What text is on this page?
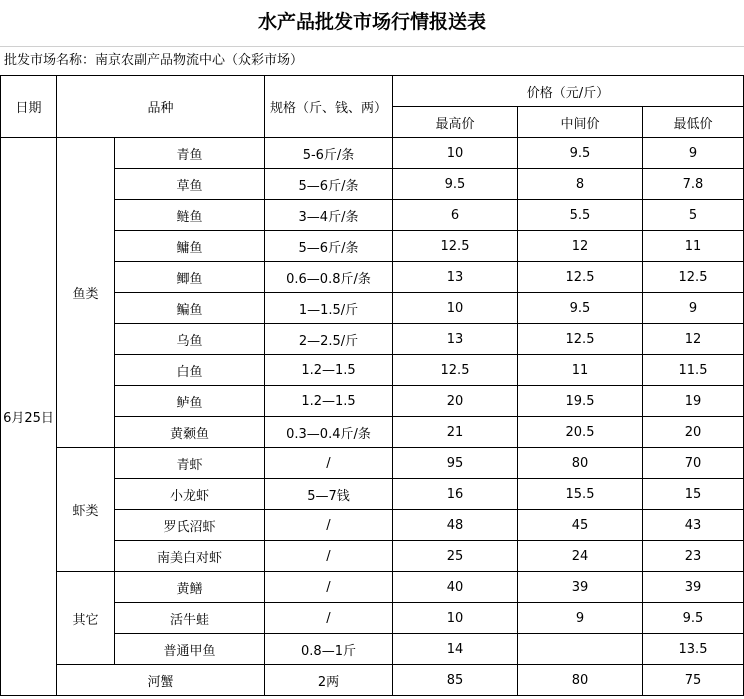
水产品批发市场行情报送表
批发市场名称：南京农副产品物流中心（众彩市场）
日期	品种		规格（斤、钱、两）	价格（元/斤）		
				最高价	中间价	最低价
6月25日	鱼类	青鱼	5-6斤/条	10	9.5	9
		草鱼	5—6斤/条	9.5	8	7.8
		鲢鱼	3—4斤/条	6	5.5	5
		鳙鱼	5—6斤/条	12.5	12	11
		鲫鱼	0.6—0.8斤/条	13	12.5	12.5
		鳊鱼	1—1.5/斤	10	9.5	9
		乌鱼	2—2.5/斤	13	12.5	12
		白鱼	1.2—1.5	12.5	11	11.5
		鲈鱼	1.2—1.5	20	19.5	19
		黄颡鱼	0.3—0.4斤/条	21	20.5	20
	虾类	青虾	/	95	80	70
		小龙虾	5—7钱	16	15.5	15
		罗氏沼虾	/	48	45	43
		南美白对虾	/	25	24	23
	其它	黄鳝	/	40	39	39
		活牛蛙	/	10	9	9.5
		普通甲鱼	0.8—1斤	14		13.5
	河蟹		2两	85	80	75
